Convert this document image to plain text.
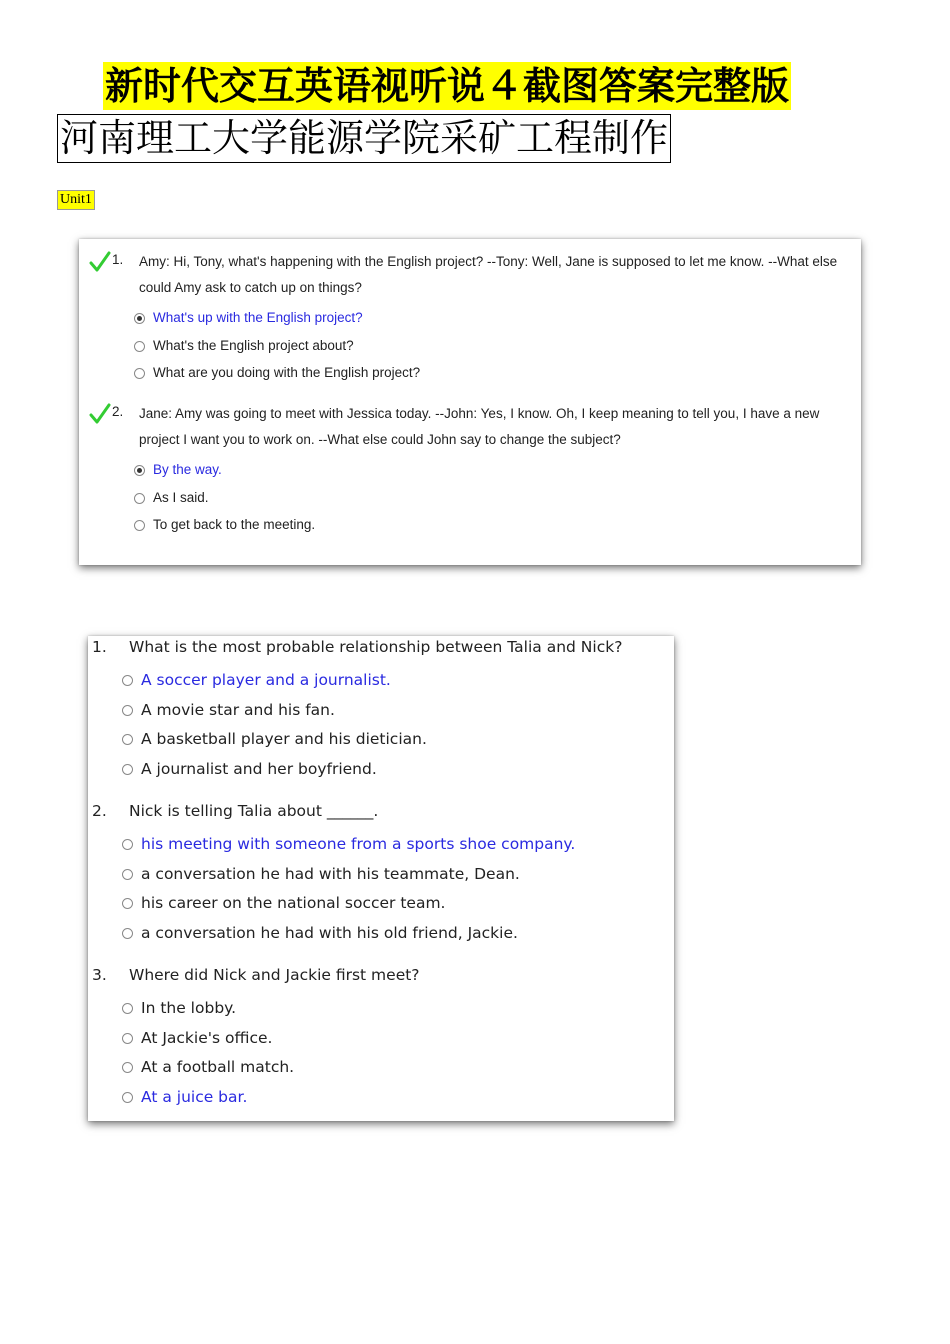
新时代交互英语视听说４截图答案完整版
河南理工大学能源学院采矿工程制作
Unit1
1.	Amy: Hi, Tony, what's happening with the English project? --Tony: Well, Jane is supposed to let me know. --What else could Amy ask to catch up on things?
What's up with the English project?
What's the English project about?
What are you doing with the English project?
2.	Jane: Amy was going to meet with Jessica today. --John: Yes, I know. Oh, I keep meaning to tell you, I have a new project I want you to work on. --What else could John say to change the subject?
By the way.
As I said.
To get back to the meeting.
1. What is the most probable relationship between Talia and Nick?
A soccer player and a journalist.
A movie star and his fan.
A basketball player and his dietician.
A journalist and her boyfriend.
2. Nick is telling Talia about ______.
his meeting with someone from a sports shoe company.
a conversation he had with his teammate, Dean.
his career on the national soccer team.
a conversation he had with his old friend, Jackie.
3. Where did Nick and Jackie first meet?
In the lobby.
At Jackie's office.
At a football match.
At a juice bar.
